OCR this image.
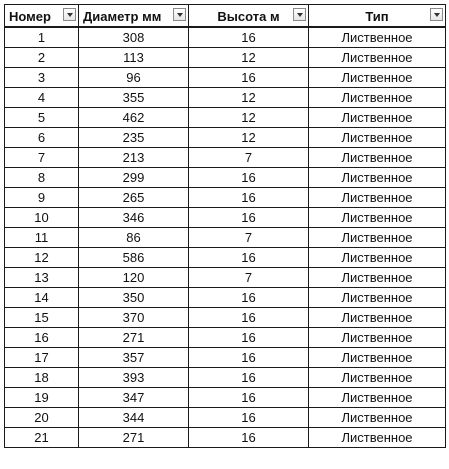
Номер	Диаметр мм	Высота м	Тип

1	308	16	Лиственное
2	113	12	Лиственное
3	96	16	Лиственное
4	355	12	Лиственное
5	462	12	Лиственное
6	235	12	Лиственное
7	213	7	Лиственное
8	299	16	Лиственное
9	265	16	Лиственное
10	346	16	Лиственное
11	86	7	Лиственное
12	586	16	Лиственное
13	120	7	Лиственное
14	350	16	Лиственное
15	370	16	Лиственное
16	271	16	Лиственное
17	357	16	Лиственное
18	393	16	Лиственное
19	347	16	Лиственное
20	344	16	Лиственное
21	271	16	Лиственное
